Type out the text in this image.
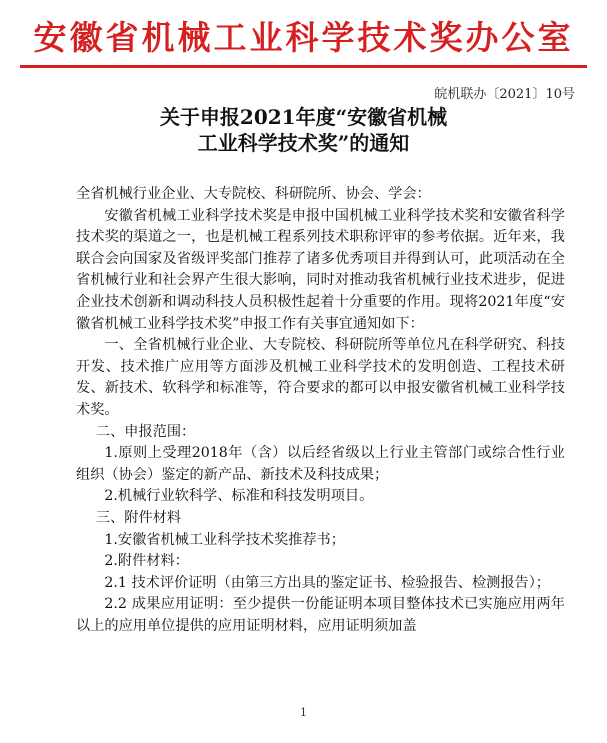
安徽省机械工业科学技术奖办公室
皖机联办〔2021〕10号
关于申报2021年度“安徽省机械
工业科学技术奖”的通知

全省机械行业企业、大专院校、科研院所、协会、学会：

安徽省机械工业科学技术奖是申报中国机械工业科学技术奖和安徽省科学技术奖的渠道之一，也是机械工程系列技术职称评审的参考依据。近年来，我联合会向国家及省级评奖部门推荐了诸多优秀项目并得到认可，此项活动在全省机械行业和社会界产生很大影响，同时对推动我省机械行业技术进步，促进企业技术创新和调动科技人员积极性起着十分重要的作用。现将2021年度“安徽省机械工业科学技术奖”申报工作有关事宜通知如下：

一、全省机械行业企业、大专院校、科研院所等单位凡在科学研究、科技开发、技术推广应用等方面涉及机械工业科学技术的发明创造、工程技术研发、新技术、软科学和标准等，符合要求的都可以申报安徽省机械工业科学技术奖。

二、申报范围：

1.原则上受理2018年（含）以后经省级以上行业主管部门或综合性行业组织（协会）鉴定的新产品、新技术及科技成果；

2.机械行业软科学、标准和科技发明项目。

三、附件材料

1.安徽省机械工业科学技术奖推荐书；

2.附件材料：

2.1 技术评价证明（由第三方出具的鉴定证书、检验报告、检测报告）；

2.2 成果应用证明：至少提供一份能证明本项目整体技术已实施应用两年以上的应用单位提供的应用证明材料，应用证明须加盖

1
